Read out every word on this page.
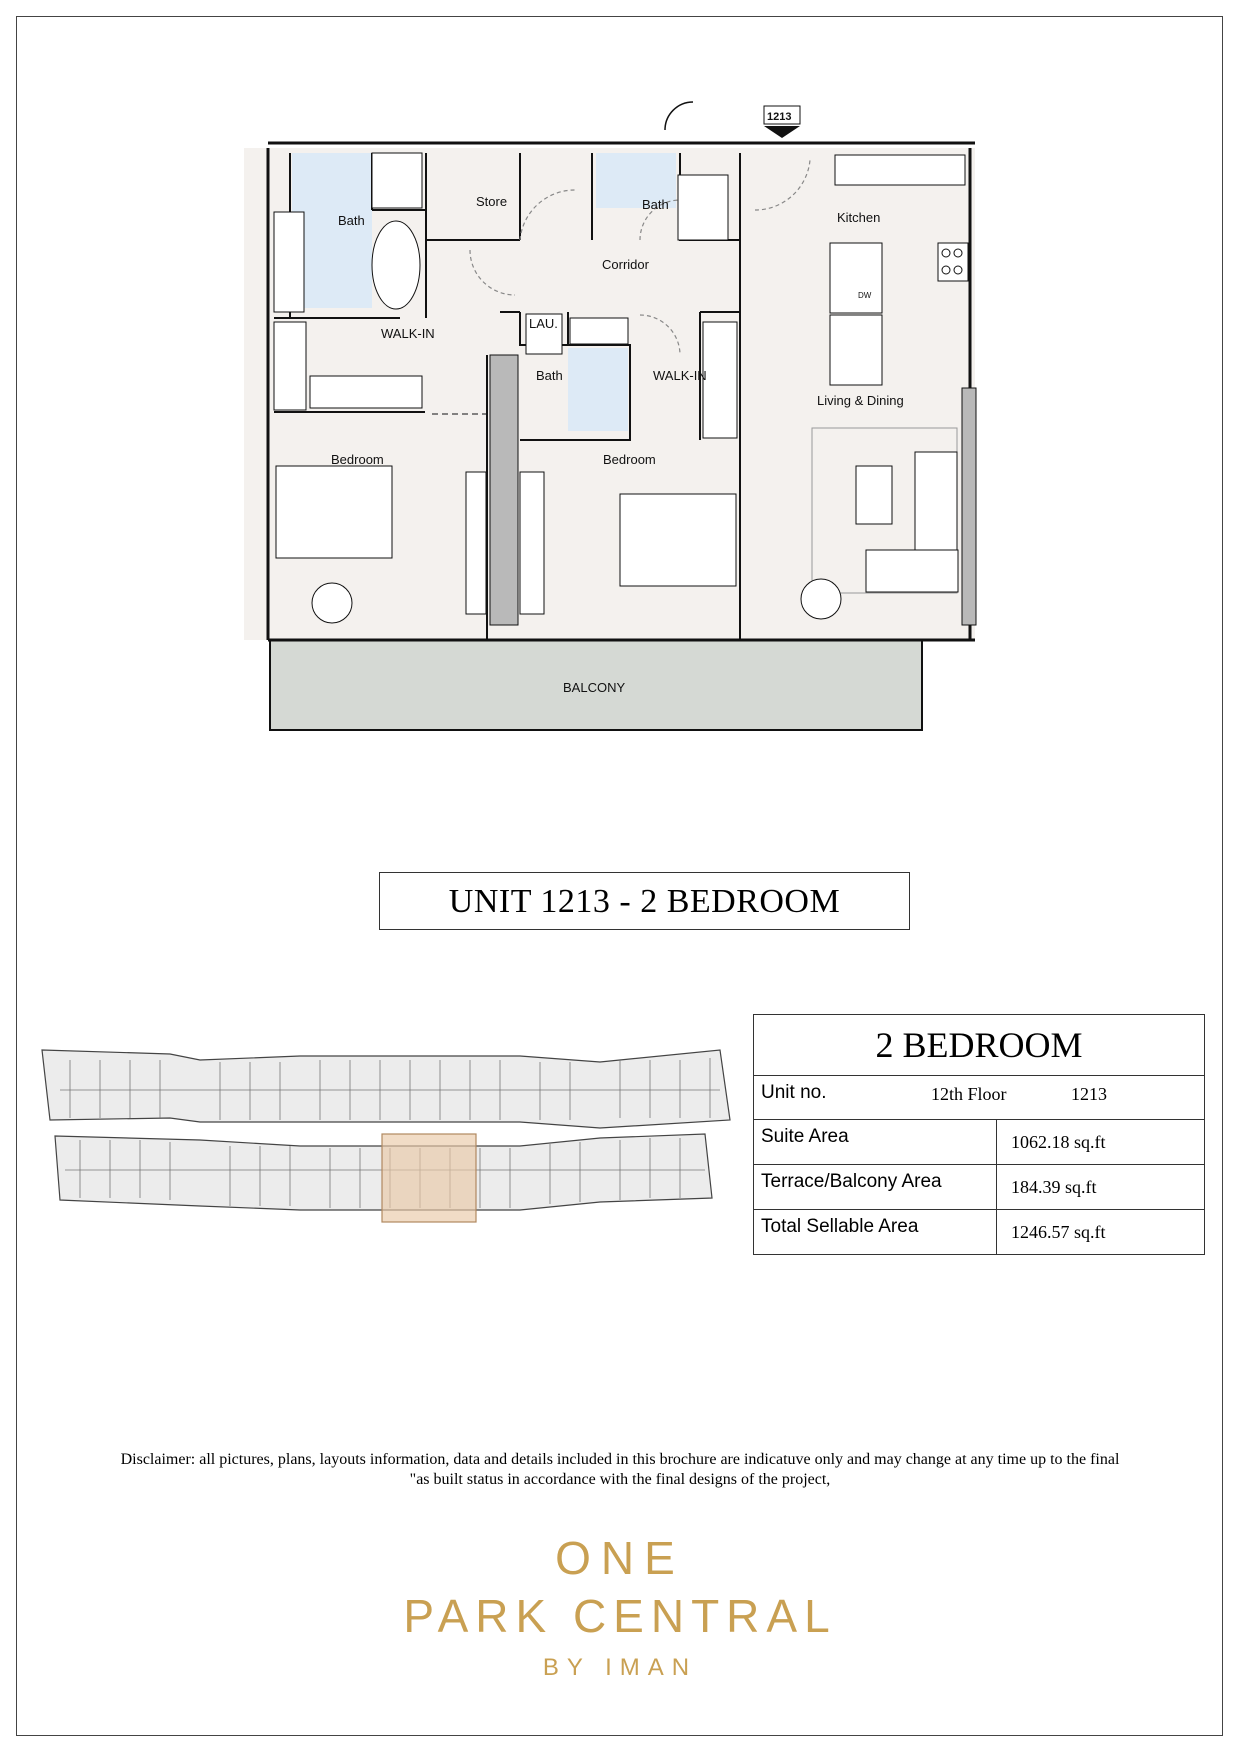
Bath
Store	Bath
Kitchen
Corridor
WALK-IN
LAU.
Bath	WALK-IN
Living & Dining
Bedroom	Bedroom
BALCONY
DW
1213
UNIT 1213 - 2 BEDROOM
2 BEDROOM
Unit no.	12th Floor	1213
Suite Area	1062.18 sq.ft
Terrace/Balcony Area	184.39 sq.ft
Total Sellable Area	1246.57 sq.ft
Disclaimer: all pictures, plans, layouts information, data and details included in this brochure are indicatuve only and may change at any time up to the final
"as built status in accordance with the final designs of the project,
ONE
PARK CENTRAL
BY IMAN
